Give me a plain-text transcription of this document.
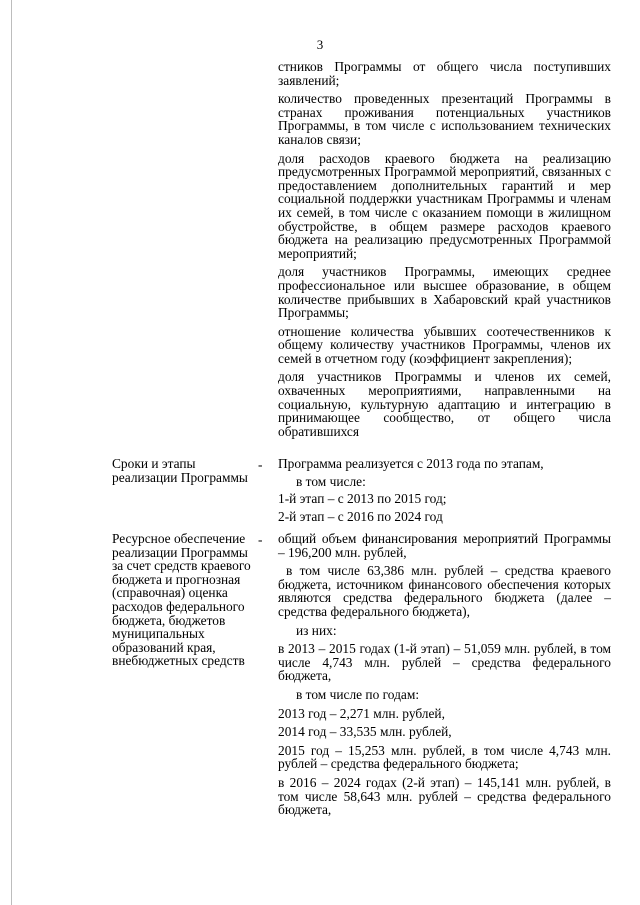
3

стников Программы от общего числа поступивших заявлений;

количество проведенных презентаций Программы в странах проживания потенциальных участников Программы, в том числе с использованием технических каналов связи;

доля расходов краевого бюджета на реализацию предусмотренных Программой мероприятий, связанных с предоставлением дополнительных гарантий и мер социальной поддержки участникам Программы и членам их семей, в том числе с оказанием помощи в жилищном обустройстве, в общем размере расходов краевого бюджета на реализацию предусмотренных Программой мероприятий;

доля участников Программы, имеющих среднее профессиональное или высшее образование, в общем количестве прибывших в Хабаровский край участников Программы;

отношение количества убывших соотечественников к общему количеству участников Программы, членов их семей в отчетном году (коэффициент закрепления);

доля участников Программы и членов их семей, охваченных мероприятиями, направленными на социальную, культурную адаптацию и интеграцию в принимающее сообщество, от общего числа обратившихся

Сроки и этапы реализации Программы
- Программа реализуется с 2013 года по этапам,

в том числе:

1-й этап – с 2013 по 2015 год;

2-й этап – с 2016 по 2024 год

Ресурсное обеспечение реализации Программы за счет средств краевого бюджета и прогнозная (справочная) оценка расходов федерального бюджета, бюджетов муниципальных образований края, внебюджетных средств
- общий объем финансирования мероприятий Программы – 196,200 млн. рублей,

в том числе 63,386 млн. рублей – средства краевого бюджета, источником финансового обеспечения которых являются средства федерального бюджета (далее – средства федерального бюджета),

из них:

в 2013 – 2015 годах (1-й этап) – 51,059 млн. рублей, в том числе 4,743 млн. рублей – средства федерального бюджета,

в том числе по годам:

2013 год – 2,271 млн. рублей,

2014 год – 33,535 млн. рублей,

2015 год – 15,253 млн. рублей, в том числе 4,743 млн. рублей – средства федерального бюджета;

в 2016 – 2024 годах (2-й этап) – 145,141 млн. рублей, в том числе 58,643 млн. рублей – средства федерального бюджета,
